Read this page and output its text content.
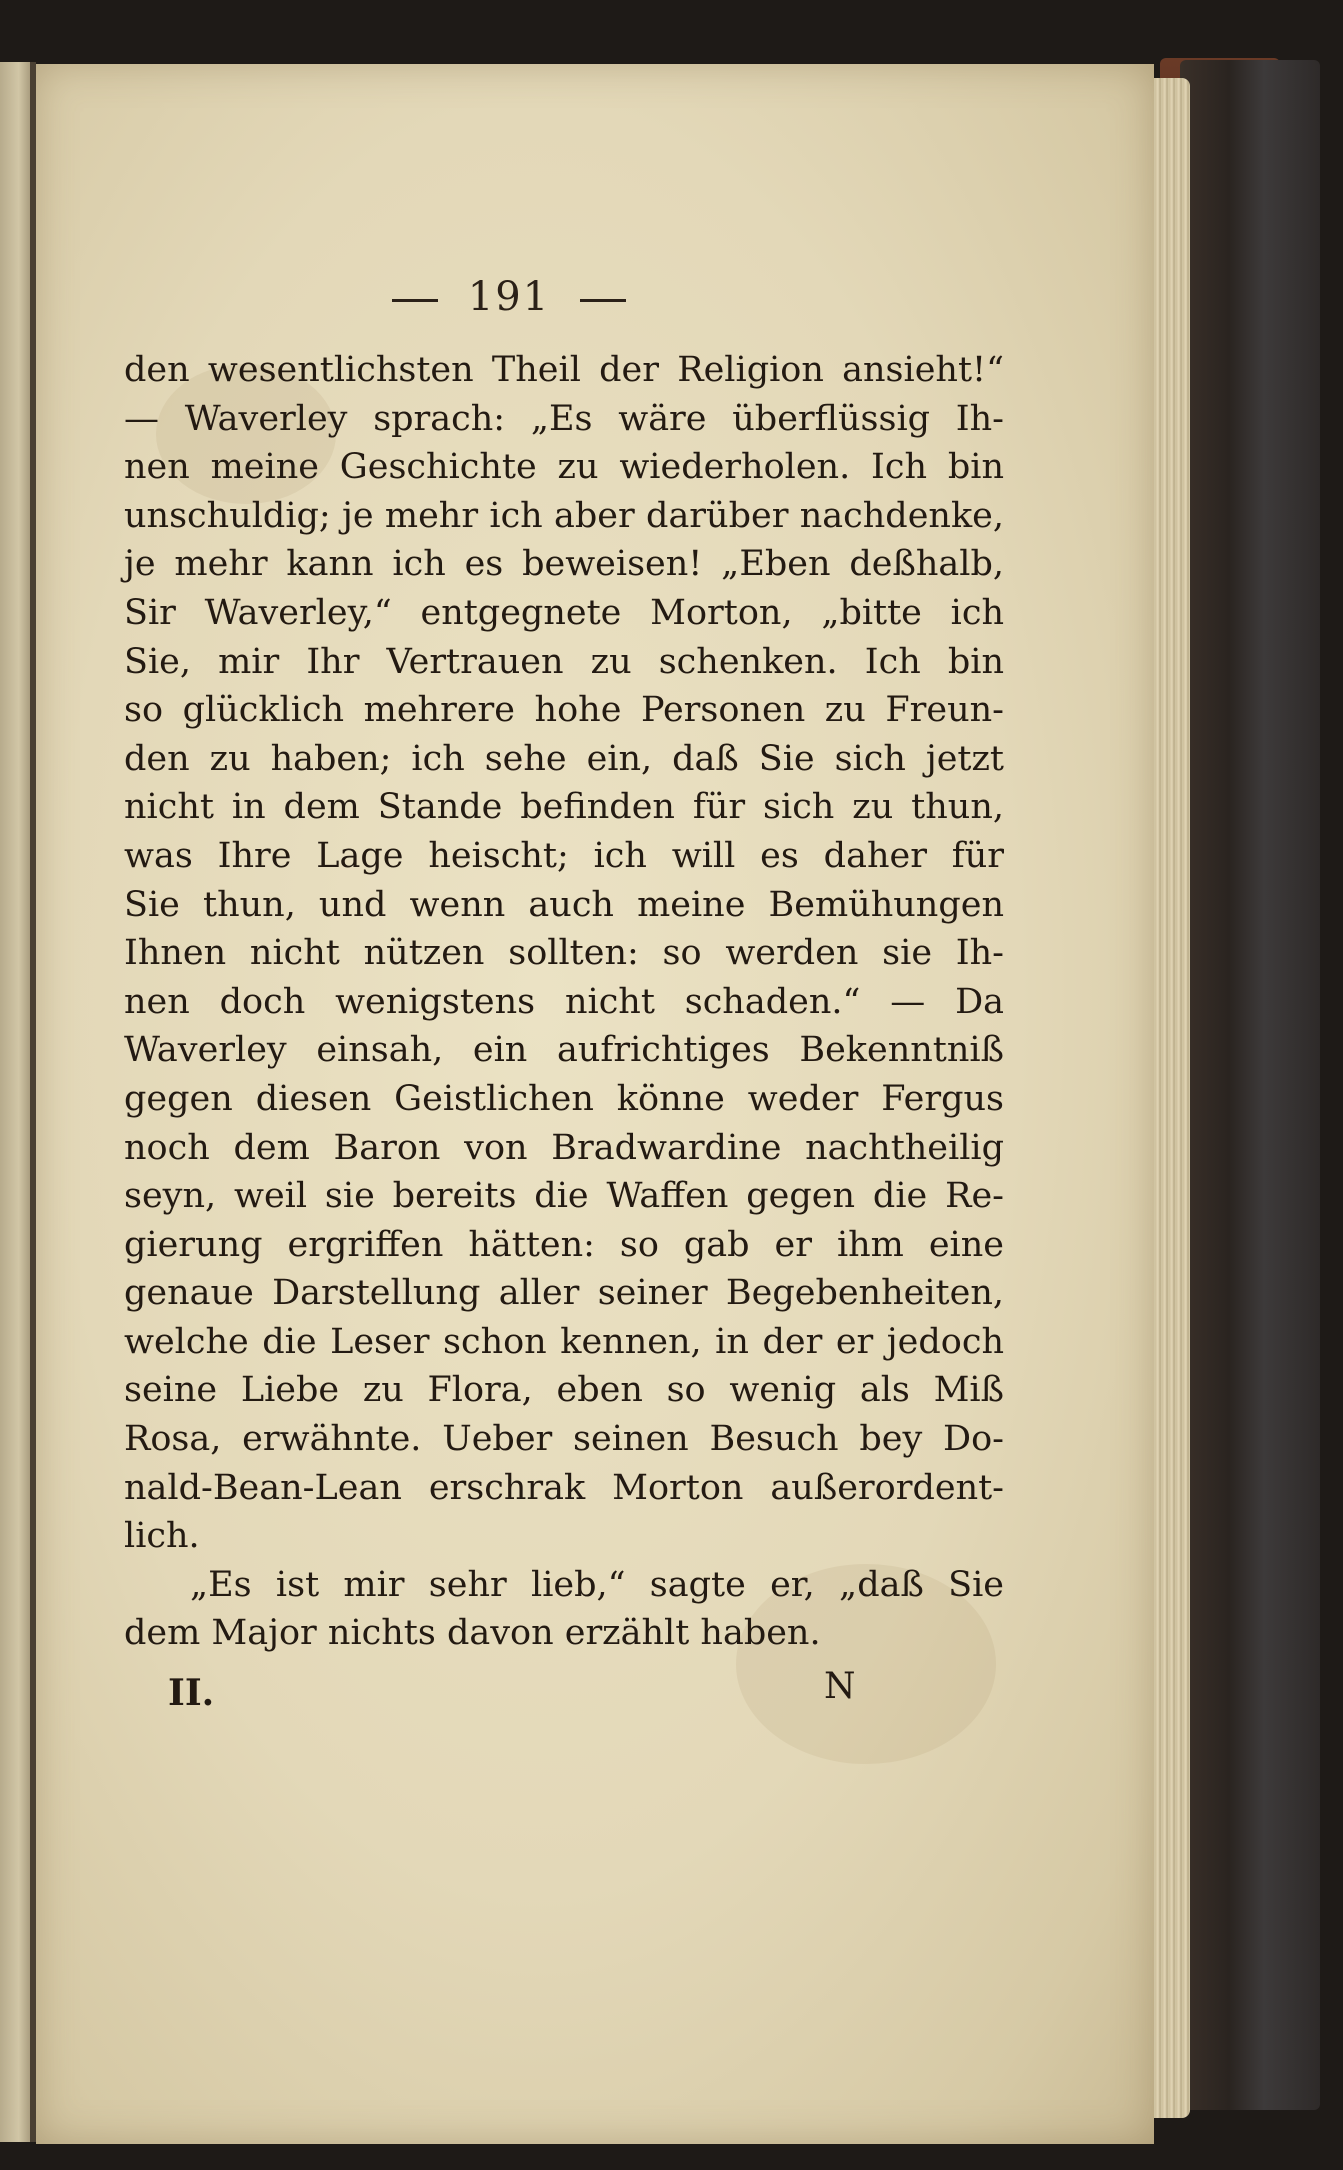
191
den wesentlichsten Theil der Religion ansieht!“
— Waverley sprach: „Es wäre überflüssig Ih-
nen meine Geschichte zu wiederholen. Ich bin
unschuldig; je mehr ich aber darüber nachdenke,
je mehr kann ich es beweisen! „Eben deßhalb,
Sir Waverley,“ entgegnete Morton, „bitte ich
Sie, mir Ihr Vertrauen zu schenken. Ich bin
so glücklich mehrere hohe Personen zu Freun-
den zu haben; ich sehe ein, daß Sie sich jetzt
nicht in dem Stande befinden für sich zu thun,
was Ihre Lage heischt; ich will es daher für
Sie thun, und wenn auch meine Bemühungen
Ihnen nicht nützen sollten: so werden sie Ih-
nen doch wenigstens nicht schaden.“ — Da
Waverley einsah, ein aufrichtiges Bekenntniß
gegen diesen Geistlichen könne weder Fergus
noch dem Baron von Bradwardine nachtheilig
seyn, weil sie bereits die Waffen gegen die Re-
gierung ergriffen hätten: so gab er ihm eine
genaue Darstellung aller seiner Begebenheiten,
welche die Leser schon kennen, in der er jedoch
seine Liebe zu Flora, eben so wenig als Miß
Rosa, erwähnte. Ueber seinen Besuch bey Do-
nald-Bean-Lean erschrak Morton außerordent-
lich.
„Es ist mir sehr lieb,“ sagte er, „daß Sie
dem Major nichts davon erzählt haben.
II.	N
